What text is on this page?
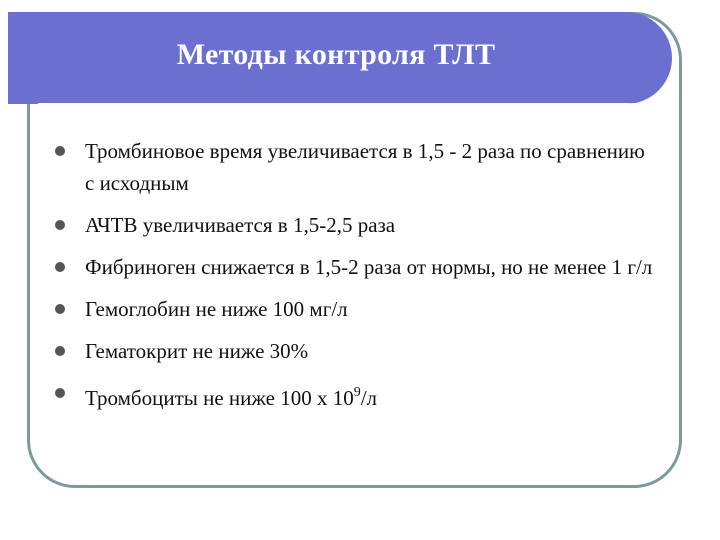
Методы контроля ТЛТ
Тромбиновое время увеличивается в 1,5 - 2 раза по сравнению с исходным
АЧТВ увеличивается в 1,5-2,5 раза
Фибриноген снижается в 1,5-2 раза от нормы, но не менее 1 г/л
Гемоглобин не ниже 100 мг/л
Гематокрит не ниже 30%
Тромбоциты не ниже 100 х $10^9/л$
